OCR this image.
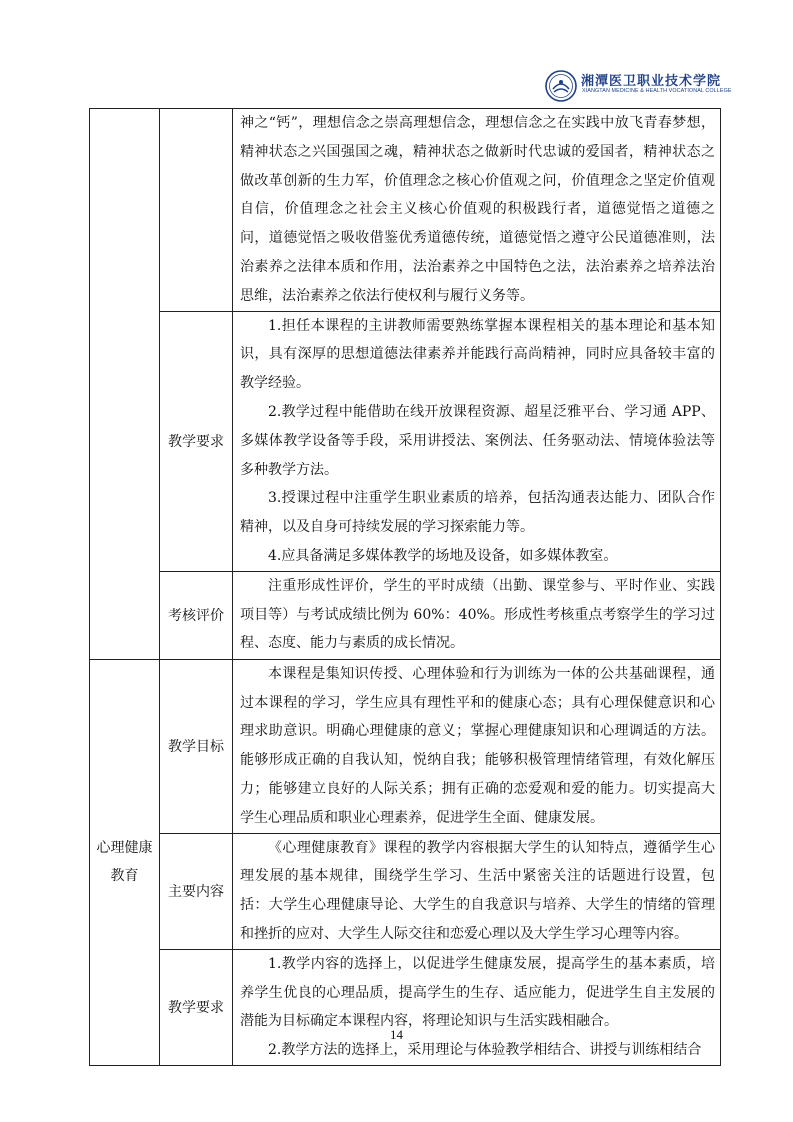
湘潭医卫职业技术学院
XIANGTAN MEDICINE & HEALTH VOCATIONAL COLLEGE

		神之“钙”，理想信念之崇高理想信念，理想信念之在实践中放飞青春梦想，精神状态之兴国强国之魂，精神状态之做新时代忠诚的爱国者，精神状态之做改革创新的生力军，价值理念之核心价值观之问，价值理念之坚定价值观自信，价值理念之社会主义核心价值观的积极践行者，道德觉悟之道德之问，道德觉悟之吸收借鉴优秀道德传统，道德觉悟之遵守公民道德准则，法治素养之法律本质和作用，法治素养之中国特色之法，法治素养之培养法治思维，法治素养之依法行使权利与履行义务等。

	教学要求	1.担任本课程的主讲教师需要熟练掌握本课程相关的基本理论和基本知识，具有深厚的思想道德法律素养并能践行高尚精神，同时应具备较丰富的教学经验。

2.教学过程中能借助在线开放课程资源、超星泛雅平台、学习通 APP、多媒体教学设备等手段，采用讲授法、案例法、任务驱动法、情境体验法等多种教学方法。

3.授课过程中注重学生职业素质的培养，包括沟通表达能力、团队合作精神，以及自身可持续发展的学习探索能力等。

4.应具备满足多媒体教学的场地及设备，如多媒体教室。

	考核评价	注重形成性评价，学生的平时成绩（出勤、课堂参与、平时作业、实践项目等）与考试成绩比例为 60%：40%。形成性考核重点考察学生的学习过程、态度、能力与素质的成长情况。

心理健康
教育	教学目标	本课程是集知识传授、心理体验和行为训练为一体的公共基础课程，通过本课程的学习，学生应具有理性平和的健康心态；具有心理保健意识和心理求助意识。明确心理健康的意义；掌握心理健康知识和心理调适的方法。能够形成正确的自我认知，悦纳自我；能够积极管理情绪管理，有效化解压力；能够建立良好的人际关系；拥有正确的恋爱观和爱的能力。切实提高大学生心理品质和职业心理素养，促进学生全面、健康发展。

	主要内容	《心理健康教育》课程的教学内容根据大学生的认知特点，遵循学生心理发展的基本规律，围绕学生学习、生活中紧密关注的话题进行设置，包括：大学生心理健康导论、大学生的自我意识与培养、大学生的情绪的管理和挫折的应对、大学生人际交往和恋爱心理以及大学生学习心理等内容。

	教学要求	1.教学内容的选择上，以促进学生健康发展，提高学生的基本素质，培养学生优良的心理品质，提高学生的生存、适应能力，促进学生自主发展的潜能为目标确定本课程内容，将理论知识与生活实践相融合。

2.教学方法的选择上，采用理论与体验教学相结合、讲授与训练相结合

14
